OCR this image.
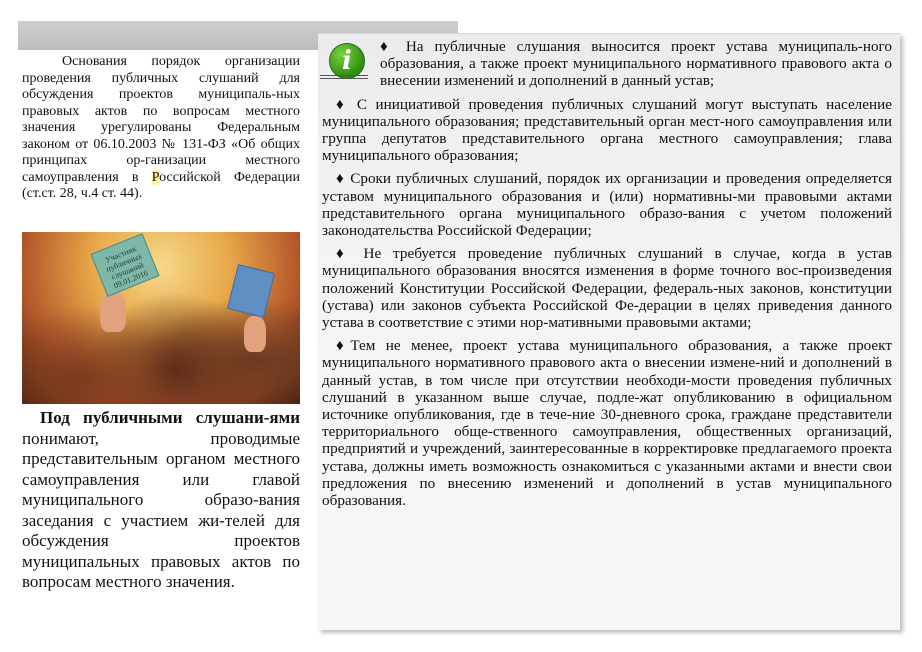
Основания порядок организации проведения публичных слушаний для обсуждения проектов муниципаль-ных правовых актов по вопросам местного значения урегулированы Федеральным законом от 06.10.2003 № 131-ФЗ «Об общих принципах ор-ганизации местного самоуправления в Российской Федерации (ст.ст. 28, ч.4 ст. 44).

Участник публичных слушаний 09.01.2016

Под публичными слушани-ями понимают, проводимые представительным органом местного самоуправления или главой муниципального образо-вания заседания с участием жи-телей для обсуждения проектов муниципальных правовых актов по вопросам местного значения.

i	♦ На публичные слушания выносится проект устава муниципаль-ного образования, а также проект муниципального нормативного правового акта о внесении изменений и дополнений в данный устав;

♦ С инициативой проведения публичных слушаний могут выступать население муниципального образования; представительный орган мест-ного самоуправления или группа депутатов представительного органа местного самоуправления; глава муниципального образования;

♦ Сроки публичных слушаний, порядок их организации и проведения определяется уставом муниципального образования и (или) нормативны-ми правовыми актами представительного органа муниципального образо-вания с учетом положений законодательства Российской Федерации;

♦ Не требуется проведение публичных слушаний в случае, когда в устав муниципального образования вносятся изменения в форме точного вос-произведения положений Конституции Российской Федерации, федераль-ных законов, конституции (устава) или законов субъекта Российской Фе-дерации в целях приведения данного устава в соответствие с этими нор-мативными правовыми актами;

♦Тем не менее, проект устава муниципального образования, а также проект муниципального нормативного правового акта о внесении измене-ний и дополнений в данный устав, в том числе при отсутствии необходи-мости проведения публичных слушаний в указанном выше случае, подле-жат опубликованию в официальном источнике опубликования, где в тече-ние 30-дневного срока, граждане представители территориального обще-ственного самоуправления, общественных организаций, предприятий и учреждений, заинтересованные в корректировке предлагаемого проекта устава, должны иметь возможность ознакомиться с указанными актами и внести свои предложения по внесению изменений и дополнений в устав муниципального образования.
